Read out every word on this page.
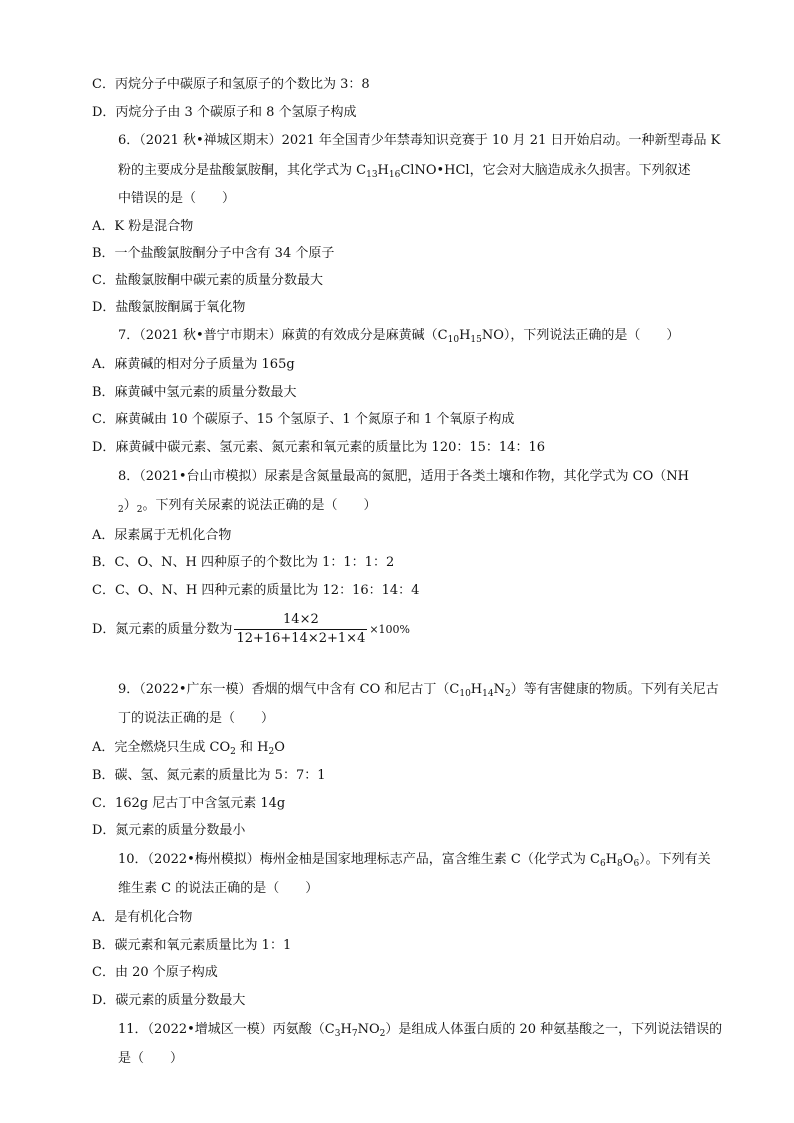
C．丙烷分子中碳原子和氢原子的个数比为 3：8
D．丙烷分子由 3 个碳原子和 8 个氢原子构成
6．（2021 秋•禅城区期末）2021 年全国青少年禁毒知识竞赛于 10 月 21 日开始启动。一种新型毒品 K
粉的主要成分是盐酸氯胺酮，其化学式为 $C_{13}H_{16}ClNO•HCl$，它会对大脑造成永久损害。下列叙述
中错误的是（　　）
A．K 粉是混合物
B．一个盐酸氯胺酮分子中含有 34 个原子
C．盐酸氯胺酮中碳元素的质量分数最大
D．盐酸氯胺酮属于氧化物
7．（2021 秋•普宁市期末）麻黄的有效成分是麻黄碱$(C_{10}H_{15}NO)$，下列说法正确的是（　　）
A．麻黄碱的相对分子质量为 165g
B．麻黄碱中氢元素的质量分数最大
C．麻黄碱由 10 个碳原子、15 个氢原子、1 个氮原子和 1 个氧原子构成
D．麻黄碱中碳元素、氢元素、氮元素和氧元素的质量比为 120：15：14：16
8．（2021•台山市模拟）尿素是含氮量最高的氮肥，适用于各类土壤和作物，其化学式为 CO（NH
$_2)_2$。下列有关尿素的说法正确的是（　　）
A．尿素属于无机化合物
B．C、O、N、H 四种原子的个数比为 1：1：1：2
C．C、O、N、H 四种元素的质量比为 12：16：14：4
9．（2022•广东一模）香烟的烟气中含有 CO 和尼古丁$(C_{10}H_{14}N_2)$等有害健康的物质。下列有关尼古
丁的说法正确的是（　　）
A．完全燃烧只生成 $CO_2$ 和 $H_2O$
B．碳、氢、氮元素的质量比为 5：7：1
C．162g 尼古丁中含氢元素 14g
D．氮元素的质量分数最小
10．（2022•梅州模拟）梅州金柚是国家地理标志产品，富含维生素 C（化学式为 $C_6H_8O_6$）。下列有关
维生素 C 的说法正确的是（　　）
A．是有机化合物
B．碳元素和氧元素质量比为 1：1
C．由 20 个原子构成
D．碳元素的质量分数最大
11．（2022•增城区一模）丙氨酸$(C_3H_7NO_2)$是组成人体蛋白质的 20 种氨基酸之一，下列说法错误的
是（　　）
D．氮元素的质量分数为 $\frac{14\times 2}{12+16+14\times 2+1\times 4} \times 100\%$
